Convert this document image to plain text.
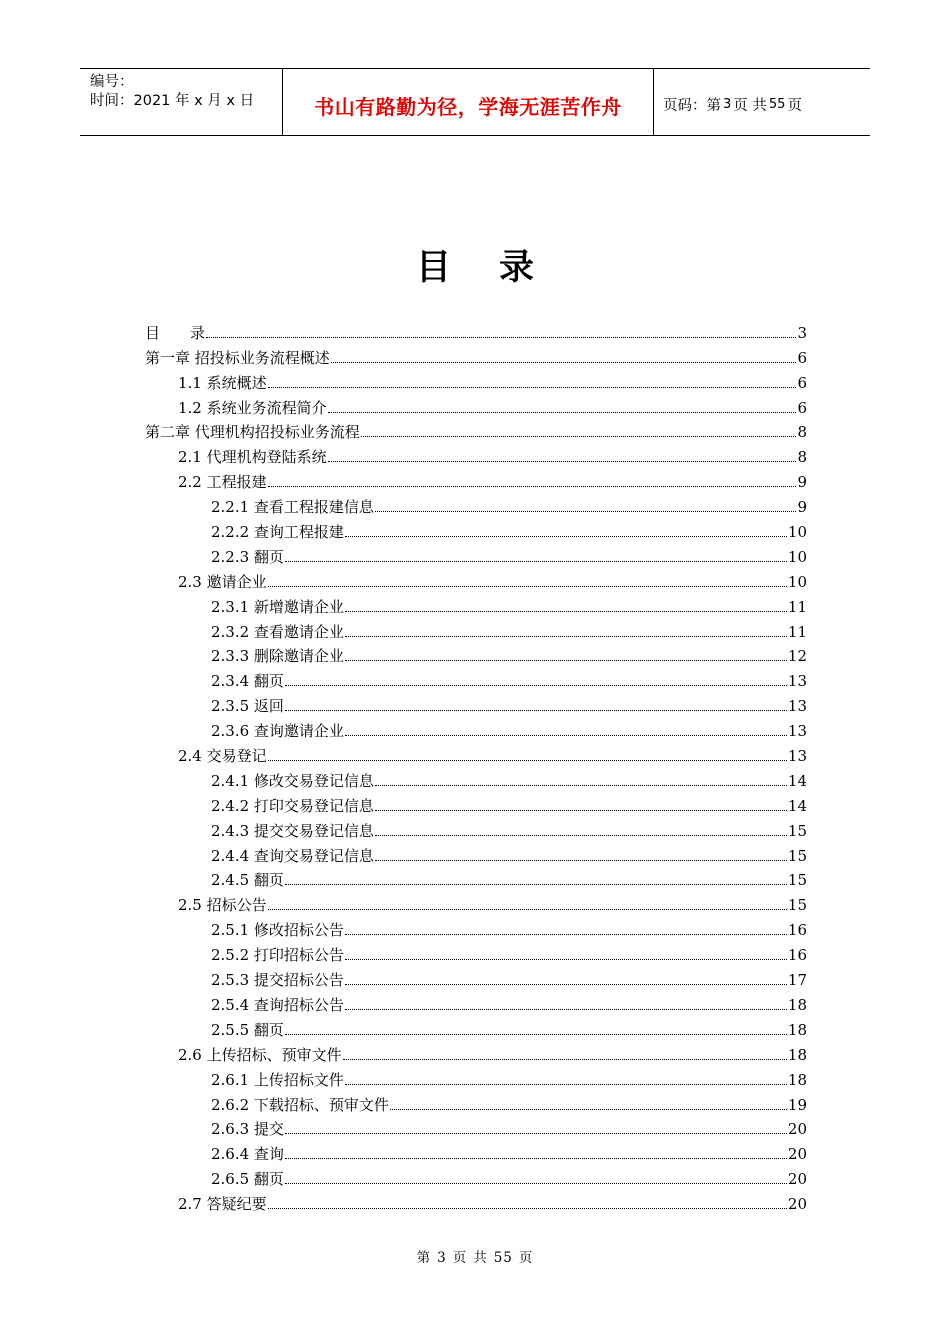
编号：
时间：2021 年 x 月 x 日	书山有路勤为径，学海无涯苦作舟	页码：第 3 页 共 55 页
目 录
目　　录	3
第一章 招投标业务流程概述	6
1.1 系统概述	6
1.2 系统业务流程简介	6
第二章 代理机构招投标业务流程	8
2.1 代理机构登陆系统	8
2.2 工程报建	9
2.2.1 查看工程报建信息	9
2.2.2 查询工程报建	10
2.2.3 翻页	10
2.3 邀请企业	10
2.3.1 新增邀请企业	11
2.3.2 查看邀请企业	11
2.3.3 删除邀请企业	12
2.3.4 翻页	13
2.3.5 返回	13
2.3.6 查询邀请企业	13
2.4 交易登记	13
2.4.1 修改交易登记信息	14
2.4.2 打印交易登记信息	14
2.4.3 提交交易登记信息	15
2.4.4 查询交易登记信息	15
2.4.5 翻页	15
2.5 招标公告	15
2.5.1 修改招标公告	16
2.5.2 打印招标公告	16
2.5.3 提交招标公告	17
2.5.4 查询招标公告	18
2.5.5 翻页	18
2.6 上传招标、预审文件	18
2.6.1 上传招标文件	18
2.6.2 下载招标、预审文件	19
2.6.3 提交	20
2.6.4 查询	20
2.6.5 翻页	20
2.7 答疑纪要	20
第 3 页 共 55 页
